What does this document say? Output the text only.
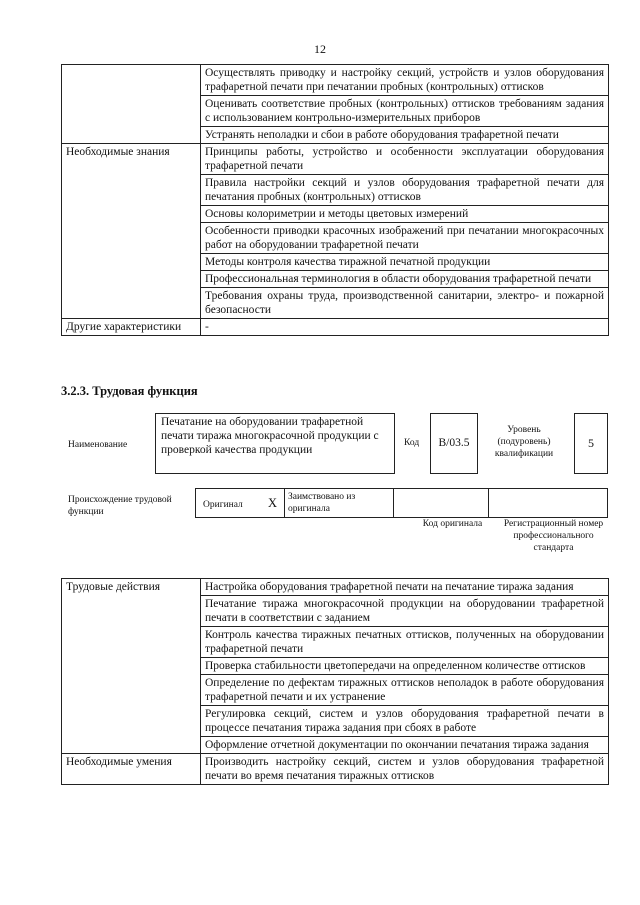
12
	Осуществлять приводку и настройку секций, устройств и узлов оборудования трафаретной печати при печатании пробных (контрольных) оттисков
	Оценивать соответствие пробных (контрольных) оттисков требованиям задания с использованием контрольно-измерительных приборов
	Устранять неполадки и сбои в работе оборудования трафаретной печати
Необходимые знания	Принципы работы, устройство и особенности эксплуатации оборудования трафаретной печати
	Правила настройки секций и узлов оборудования трафаретной печати для печатания пробных (контрольных) оттисков
	Основы колориметрии и методы цветовых измерений
	Особенности приводки красочных изображений при печатании многокрасочных работ на оборудовании трафаретной печати
	Методы контроля качества тиражной печатной продукции
	Профессиональная терминология в области оборудования трафаретной печати
	Требования охраны труда, производственной санитарии, электро- и пожарной безопасности
Другие характеристики	-
3.2.3. Трудовая функция
Наименование
Печатание на оборудовании трафаретной печати тиража многокрасочной продукции с проверкой качества продукции
Код	B/03.5
Уровень (подуровень) квалификации
5
Происхождение трудовой функции
Оригинал X Заимствовано из оригинала
Код оригинала	Регистрационный номер профессионального стандарта
Трудовые действия	Настройка оборудования трафаретной печати на печатание тиража задания
	Печатание тиража многокрасочной продукции на оборудовании трафаретной печати в соответствии с заданием
	Контроль качества тиражных печатных оттисков, полученных на оборудовании трафаретной печати
	Проверка стабильности цветопередачи на определенном количестве оттисков
	Определение по дефектам тиражных оттисков неполадок в работе оборудования трафаретной печати и их устранение
	Регулировка секций, систем и узлов оборудования трафаретной печати в процессе печатания тиража задания при сбоях в работе
	Оформление отчетной документации по окончании печатания тиража задания
Необходимые умения	Производить настройку секций, систем и узлов оборудования трафаретной печати во время печатания тиражных оттисков
